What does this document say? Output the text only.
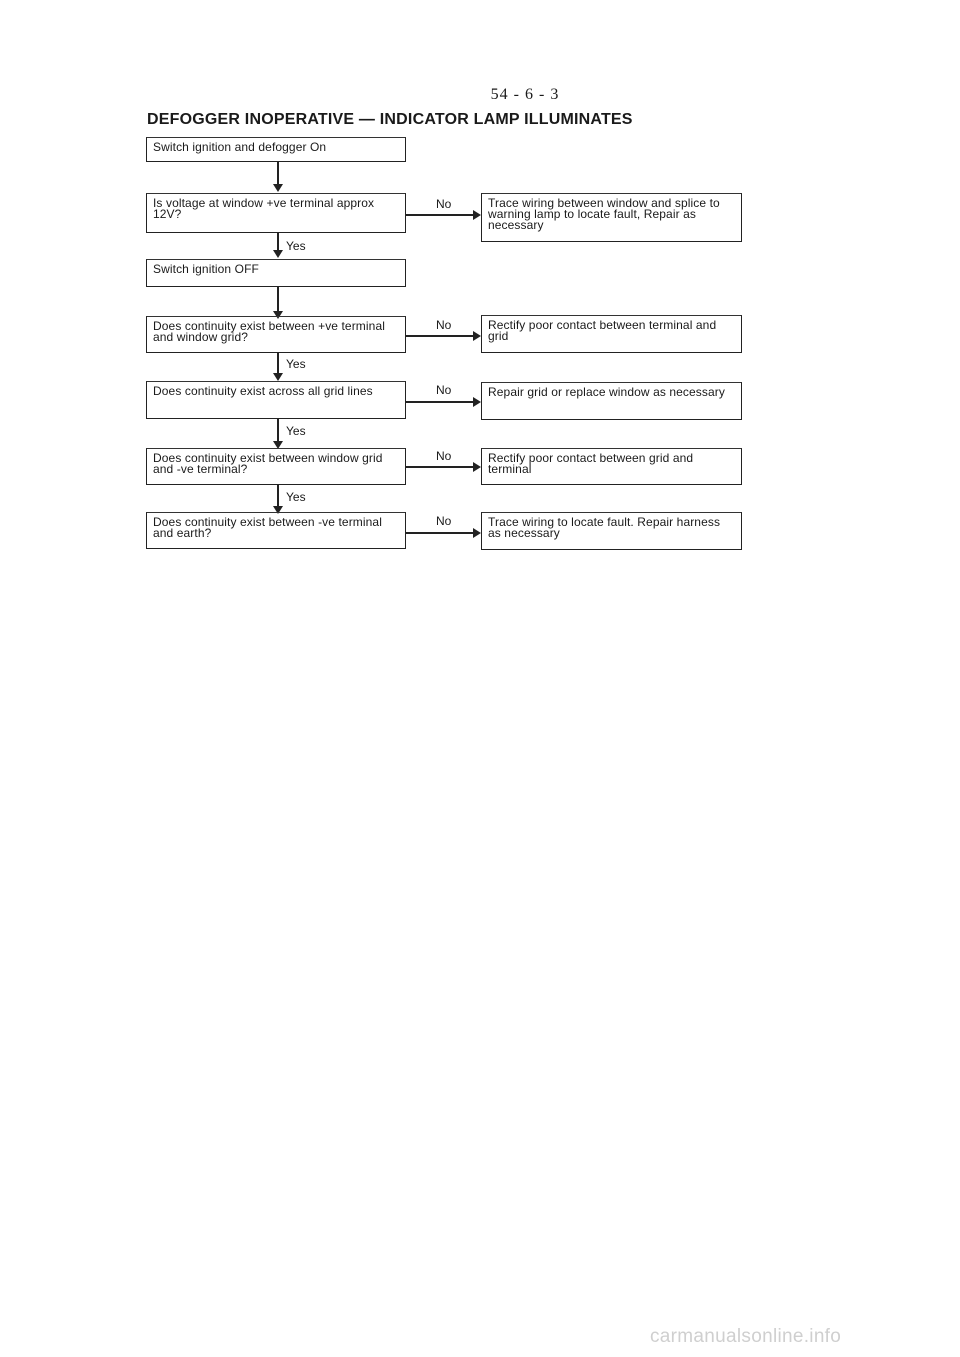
54 - 6 - 3
DEFOGGER INOPERATIVE — INDICATOR LAMP ILLUMINATES
Switch ignition and defogger On
Is voltage at window +ve terminal approx 12V?
No	Trace wiring between window and splice to warning lamp to locate fault, Repair as necessary
Yes
Switch ignition OFF
Does continuity exist between +ve terminal and window grid?
No	Rectify poor contact between terminal and grid
Yes
Does continuity exist across all grid lines	No	Repair grid or replace window as necessary
Yes
Does continuity exist between window grid and -ve terminal?
No	Rectify poor contact between grid and terminal
Yes
Does continuity exist between -ve terminal and earth?
No	Trace wiring to locate fault. Repair harness as necessary
carmanualsonline.info
